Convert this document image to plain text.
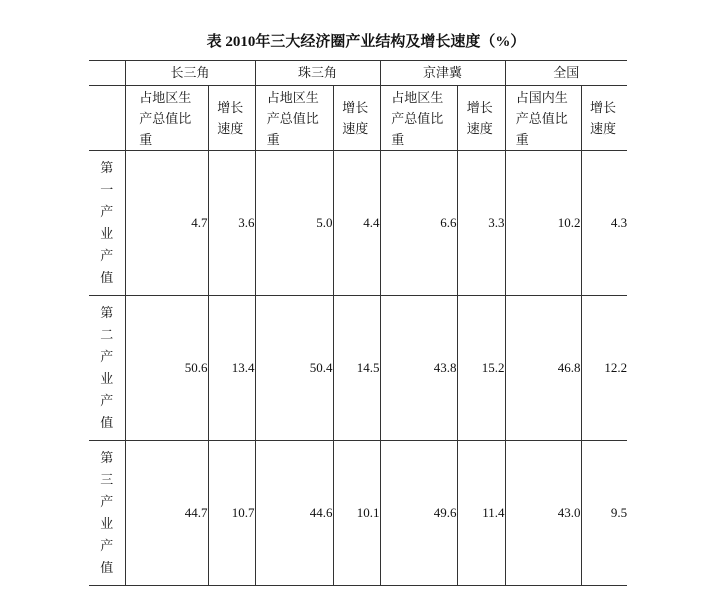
表 2010年三大经济圈产业结构及增长速度（%）
	长三角		珠三角		京津冀		全国	

	占地区生产总值比重	增长速度	占地区生产总值比重	增长速度	占地区生产总值比重	增长速度	占国内生产总值比重	增长速度

第一产业产值	4.7	3.6	5.0	4.4	6.6	3.3	10.2	4.3

第二产业产值	50.6	13.4	50.4	14.5	43.8	15.2	46.8	12.2

第三产业产值	44.7	10.7	44.6	10.1	49.6	11.4	43.0	9.5
